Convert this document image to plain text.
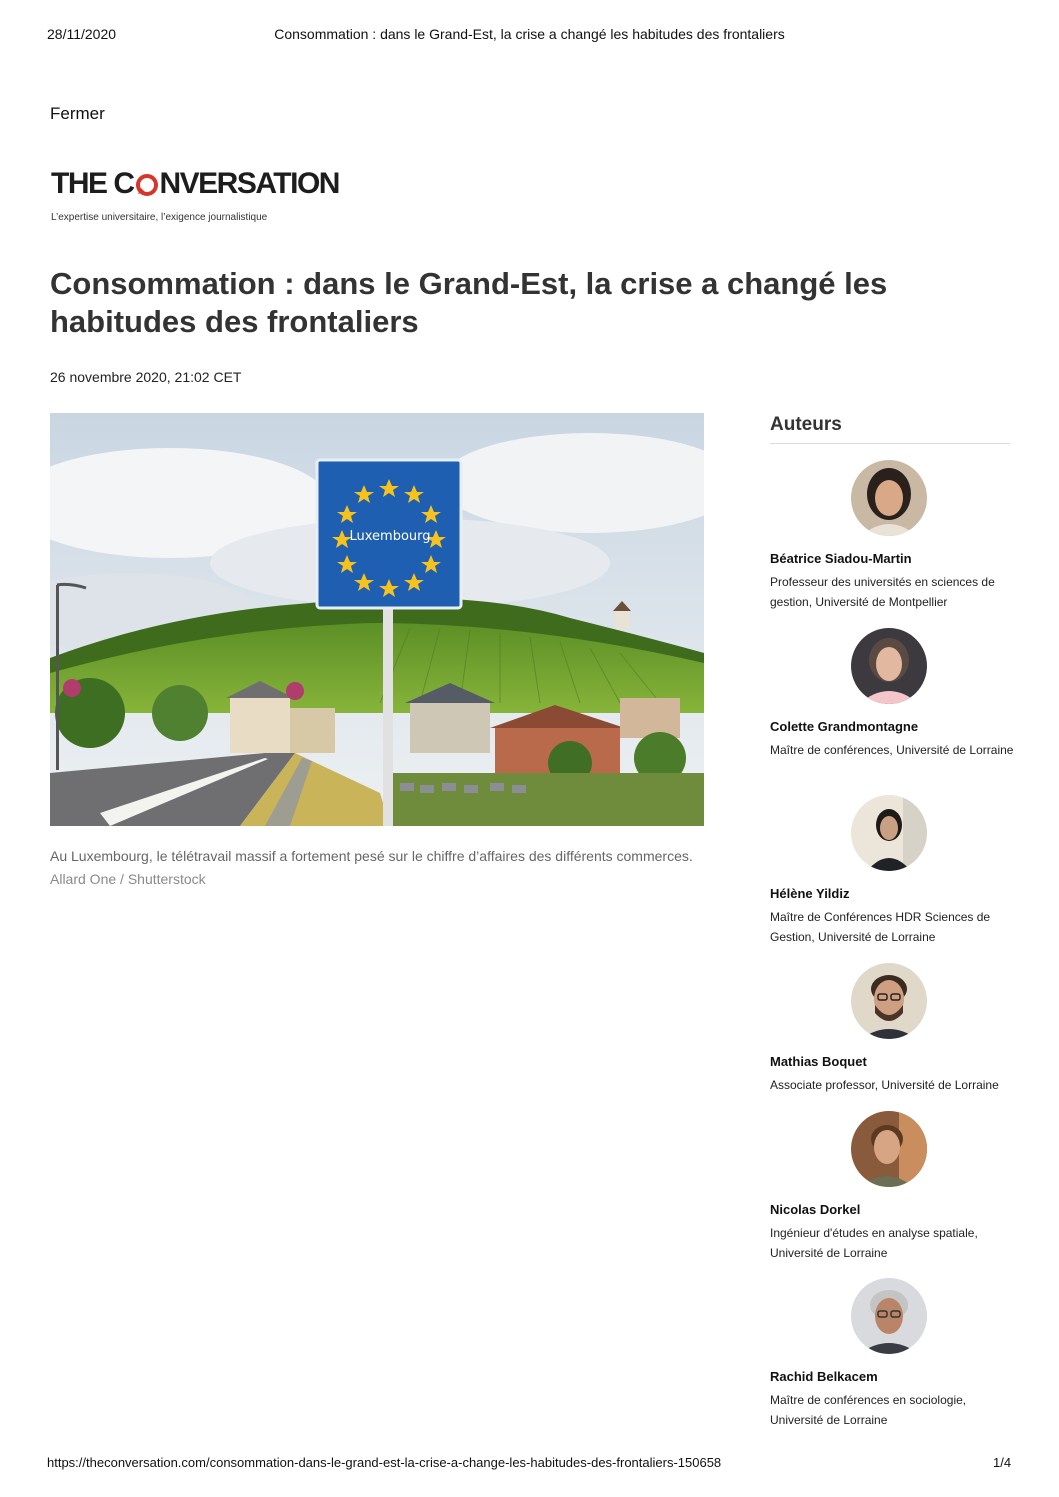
28/11/2020	Consommation : dans le Grand-Est, la crise a changé les habitudes des frontaliers
Fermer
THE C NVERSATION
L’expertise universitaire, l’exigence journalistique
Consommation : dans le Grand-Est, la crise a changé les habitudes des frontaliers
26 novembre 2020, 21:02 CET
Luxembourg
Au Luxembourg, le télétravail massif a fortement pesé sur le chiffre d’affaires des différents commerces. Allard One / Shutterstock
Auteurs
Béatrice Siadou-Martin
Professeur des universités en sciences de gestion, Université de Montpellier
Colette Grandmontagne
Maître de conférences, Université de Lorraine
Hélène Yildiz
Maître de Conférences HDR Sciences de Gestion, Université de Lorraine
Mathias Boquet
Associate professor, Université de Lorraine
Nicolas Dorkel
Ingénieur d'études en analyse spatiale, Université de Lorraine
Rachid Belkacem
Maître de conférences en sociologie, Université de Lorraine
https://theconversation.com/consommation-dans-le-grand-est-la-crise-a-change-les-habitudes-des-frontaliers-150658	1/4
